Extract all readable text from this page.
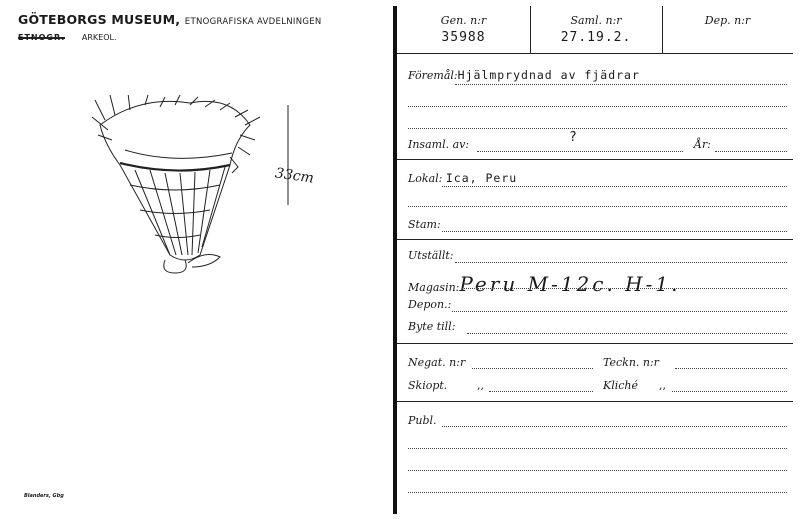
GÖTEBORGS MUSEUM, ETNOGRAFISKA AVDELNINGEN
ETNOGR. ARKEOL.
33cm
Blanders, Gbg
Gen. n:r
35988
Saml. n:r
27.19.2.
Dep. n:r
Föremål:Hjälmprydnad av fjädrar
Insaml. av:	?	År:
Lokal: Ica, Peru
Stam:
Utställt:
Magasin:Peru M-12c. H-1.
Depon.:
Byte till:
Negat. n:r	Teckn. n:r
Skiopt.	,,	Kliché ,,
Publ.
